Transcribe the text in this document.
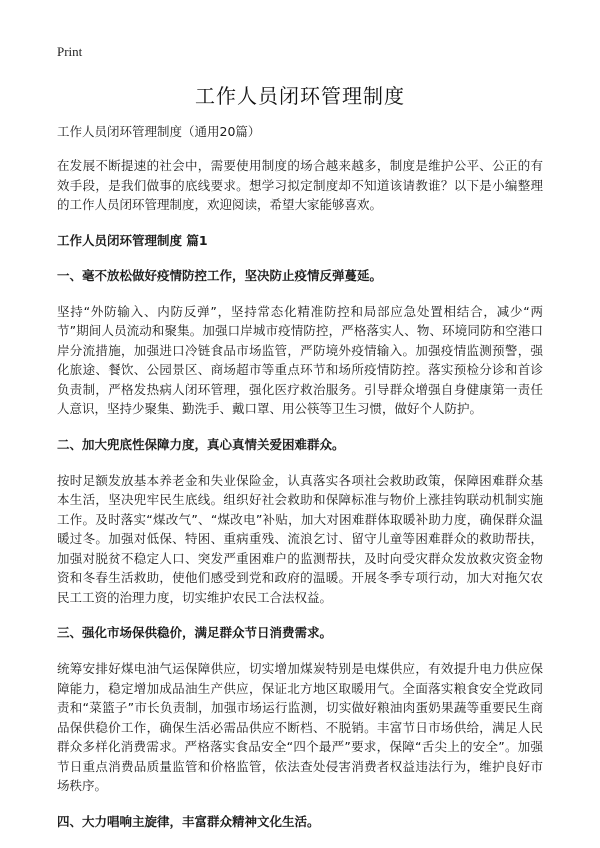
Print
工作人员闭环管理制度

工作人员闭环管理制度（通用20篇）

在发展不断提速的社会中，需要使用制度的场合越来越多，制度是维护公平、公正的有效手段，是我们做事的底线要求。想学习拟定制度却不知道该请教谁？以下是小编整理的工作人员闭环管理制度，欢迎阅读，希望大家能够喜欢。

工作人员闭环管理制度 篇1

一、毫不放松做好疫情防控工作，坚决防止疫情反弹蔓延。

坚持“外防输入、内防反弹”，坚持常态化精准防控和局部应急处置相结合，减少“两节”期间人员流动和聚集。加强口岸城市疫情防控，严格落实人、物、环境同防和空港口岸分流措施，加强进口冷链食品市场监管，严防境外疫情输入。加强疫情监测预警，强化旅途、餐饮、公园景区、商场超市等重点环节和场所疫情防控。落实预检分诊和首诊负责制，严格发热病人闭环管理，强化医疗救治服务。引导群众增强自身健康第一责任人意识，坚持少聚集、勤洗手、戴口罩、用公筷等卫生习惯，做好个人防护。

二、加大兜底性保障力度，真心真情关爱困难群众。

按时足额发放基本养老金和失业保险金，认真落实各项社会救助政策，保障困难群众基本生活，坚决兜牢民生底线。组织好社会救助和保障标准与物价上涨挂钩联动机制实施工作。及时落实“煤改气”、“煤改电”补贴，加大对困难群体取暖补助力度，确保群众温暖过冬。加强对低保、特困、重病重残、流浪乞讨、留守儿童等困难群众的救助帮扶，加强对脱贫不稳定人口、突发严重困难户的监测帮扶，及时向受灾群众发放救灾资金物资和冬春生活救助，使他们感受到党和政府的温暖。开展冬季专项行动，加大对拖欠农民工工资的治理力度，切实维护农民工合法权益。

三、强化市场保供稳价，满足群众节日消费需求。

统筹安排好煤电油气运保障供应，切实增加煤炭特别是电煤供应，有效提升电力供应保障能力，稳定增加成品油生产供应，保证北方地区取暖用气。全面落实粮食安全党政同责和“菜篮子”市长负责制，加强市场运行监测，切实做好粮油肉蛋奶果蔬等重要民生商品保供稳价工作，确保生活必需品供应不断档、不脱销。丰富节日市场供给，满足人民群众多样化消费需求。严格落实食品安全“四个最严”要求，保障“舌尖上的安全”。加强节日重点消费品质量监管和价格监管，依法查处侵害消费者权益违法行为，维护良好市场秩序。

四、大力唱响主旋律，丰富群众精神文化生活。
